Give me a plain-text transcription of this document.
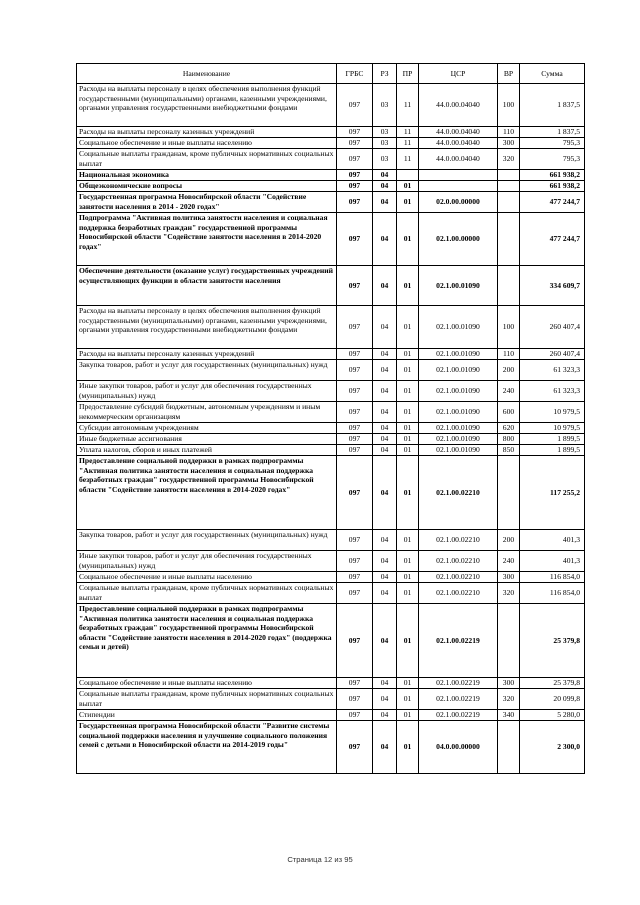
Наименование	ГРБС	РЗ	ПР	ЦСР	ВР	Сумма
Расходы на выплаты персоналу в целях обеспечения выполнения функций государственными (муниципальными) органами, казенными учреждениями, органами управления государственными внебюджетными фондами	097	03	11	44.0.00.04040	100	1 837,5
Расходы на выплаты персоналу казенных учреждений	097	03	11	44.0.00.04040	110	1 837,5
Социальное обеспечение и иные выплаты населению	097	03	11	44.0.00.04040	300	795,3
Социальные выплаты гражданам, кроме публичных нормативных социальных выплат	097	03	11	44.0.00.04040	320	795,3
Национальная экономика	097	04				661 938,2
Общеэкономические вопросы	097	04	01			661 938,2
Государственная программа Новосибирской области "Содействие занятости населения в 2014 - 2020 годах"	097	04	01	02.0.00.00000		477 244,7
Подпрограмма "Активная политика занятости населения и социальная поддержка безработных граждан" государственной программы Новосибирской области "Содействие занятости населения в 2014-2020 годах"	097	04	01	02.1.00.00000		477 244,7
Обеспечение деятельности (оказание услуг) государственных учреждений осуществляющих функции в области занятости населения	097	04	01	02.1.00.01090		334 609,7
Расходы на выплаты персоналу в целях обеспечения выполнения функций государственными (муниципальными) органами, казенными учреждениями, органами управления государственными внебюджетными фондами	097	04	01	02.1.00.01090	100	260 407,4
Расходы на выплаты персоналу казенных учреждений	097	04	01	02.1.00.01090	110	260 407,4
Закупка товаров, работ и услуг для государственных (муниципальных) нужд	097	04	01	02.1.00.01090	200	61 323,3
Иные закупки товаров, работ и услуг для обеспечения государственных (муниципальных) нужд	097	04	01	02.1.00.01090	240	61 323,3
Предоставление субсидий бюджетным, автономным учреждениям и иным некоммерческим организациям	097	04	01	02.1.00.01090	600	10 979,5
Субсидии автономным учреждениям	097	04	01	02.1.00.01090	620	10 979,5
Иные бюджетные ассигнования	097	04	01	02.1.00.01090	800	1 899,5
Уплата налогов, сборов и иных платежей	097	04	01	02.1.00.01090	850	1 899,5
Предоставление социальной поддержки в рамках подпрограммы "Активная политика занятости населения и социальная поддержка безработных граждан" государственной программы Новосибирской области "Содействие занятости населения в 2014-2020 годах"	097	04	01	02.1.00.02210		117 255,2
Закупка товаров, работ и услуг для государственных (муниципальных) нужд	097	04	01	02.1.00.02210	200	401,3
Иные закупки товаров, работ и услуг для обеспечения государственных (муниципальных) нужд	097	04	01	02.1.00.02210	240	401,3
Социальное обеспечение и иные выплаты населению	097	04	01	02.1.00.02210	300	116 854,0
Социальные выплаты гражданам, кроме публичных нормативных социальных выплат	097	04	01	02.1.00.02210	320	116 854,0
Предоставление социальной поддержки в рамках подпрограммы "Активная политика занятости населения и социальная поддержка безработных граждан" государственной программы Новосибирской области "Содействие занятости населения в 2014-2020 годах" (поддержка семьи и детей)	097	04	01	02.1.00.02219		25 379,8
Социальное обеспечение и иные выплаты населению	097	04	01	02.1.00.02219	300	25 379,8
Социальные выплаты гражданам, кроме публичных нормативных социальных выплат	097	04	01	02.1.00.02219	320	20 099,8
Стипендии	097	04	01	02.1.00.02219	340	5 280,0
Государственная программа Новосибирской области "Развитие системы социальной поддержки населения и улучшение социального положения семей с детьми в Новосибирской области на 2014-2019 годы"	097	04	01	04.0.00.00000		2 300,0
Страница 12 из 95
